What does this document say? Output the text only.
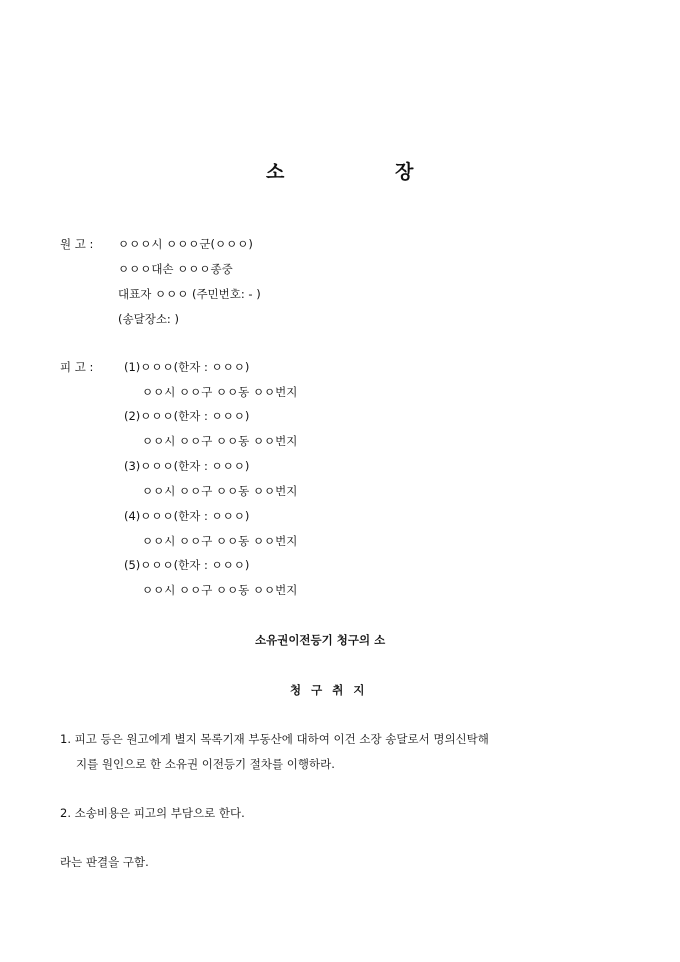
소	장
원 고 : ㅇㅇㅇ시 ㅇㅇㅇ군(ㅇㅇㅇ)
ㅇㅇㅇ대손 ㅇㅇㅇ종중
대표자 ㅇㅇㅇ (주민번호: - )
(송달장소: )
피 고 :	(1)ㅇㅇㅇ(한자 : ㅇㅇㅇ)
ㅇㅇ시 ㅇㅇ구 ㅇㅇ동 ㅇㅇ번지
(2)ㅇㅇㅇ(한자 : ㅇㅇㅇ)
ㅇㅇ시 ㅇㅇ구 ㅇㅇ동 ㅇㅇ번지
(3)ㅇㅇㅇ(한자 : ㅇㅇㅇ)
ㅇㅇ시 ㅇㅇ구 ㅇㅇ동 ㅇㅇ번지
(4)ㅇㅇㅇ(한자 : ㅇㅇㅇ)
ㅇㅇ시 ㅇㅇ구 ㅇㅇ동 ㅇㅇ번지
(5)ㅇㅇㅇ(한자 : ㅇㅇㅇ)
ㅇㅇ시 ㅇㅇ구 ㅇㅇ동 ㅇㅇ번지
소유권이전등기 청구의 소
청 구 취 지
1. 피고 등은 원고에게 별지 목록기재 부동산에 대하여 이건 소장 송달로서 명의신탁해
지를 원인으로 한 소유권 이전등기 절차를 이행하라.
2. 소송비용은 피고의 부담으로 한다.
라는 판결을 구함.
